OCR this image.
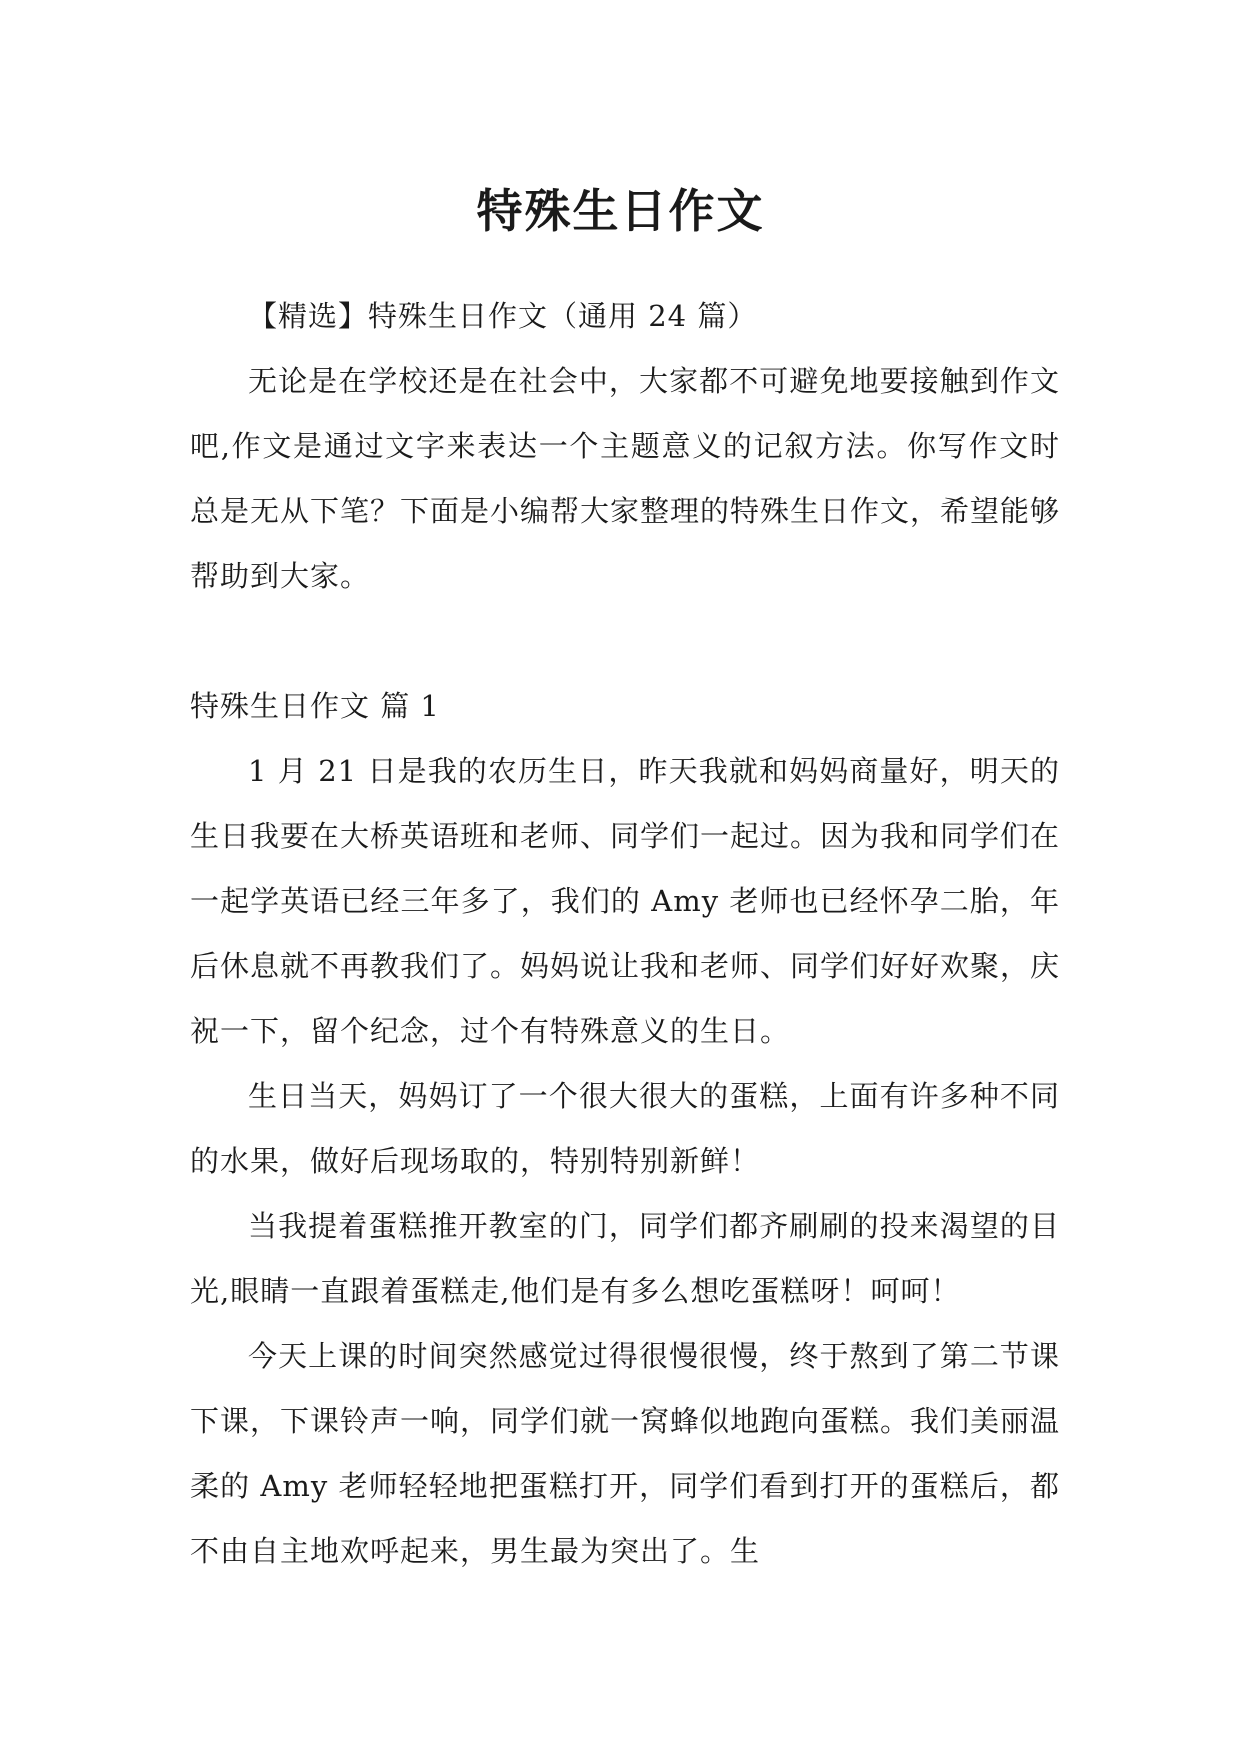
特殊生日作文

【精选】特殊生日作文（通用 24 篇）

无论是在学校还是在社会中，大家都不可避免地要接触到作文吧,作文是通过文字来表达一个主题意义的记叙方法。你写作文时总是无从下笔？下面是小编帮大家整理的特殊生日作文，希望能够帮助到大家。

特殊生日作文 篇 1

1 月 21 日是我的农历生日，昨天我就和妈妈商量好，明天的生日我要在大桥英语班和老师、同学们一起过。因为我和同学们在一起学英语已经三年多了，我们的 Amy 老师也已经怀孕二胎，年后休息就不再教我们了。妈妈说让我和老师、同学们好好欢聚，庆祝一下，留个纪念，过个有特殊意义的生日。

生日当天，妈妈订了一个很大很大的蛋糕，上面有许多种不同的水果，做好后现场取的，特别特别新鲜！

当我提着蛋糕推开教室的门，同学们都齐刷刷的投来渴望的目光,眼睛一直跟着蛋糕走,他们是有多么想吃蛋糕呀！呵呵！

今天上课的时间突然感觉过得很慢很慢，终于熬到了第二节课下课，下课铃声一响，同学们就一窝蜂似地跑向蛋糕。我们美丽温柔的 Amy 老师轻轻地把蛋糕打开，同学们看到打开的蛋糕后，都不由自主地欢呼起来，男生最为突出了。生
